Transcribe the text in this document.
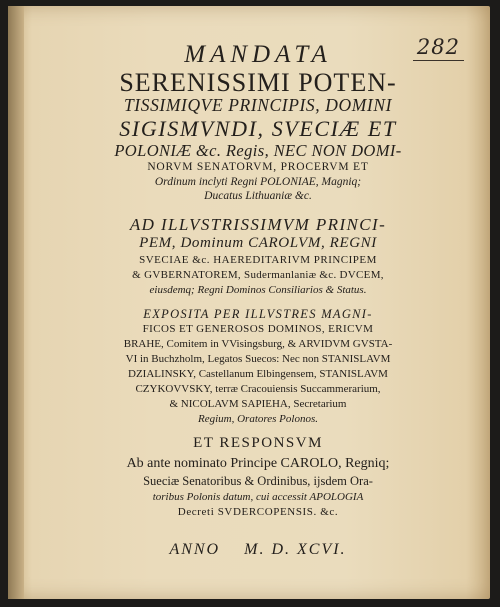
282
MANDATA
SERENISSIMI POTEN-
TISSIMIQVE PRINCIPIS, DOMINI
SIGISMVNDI, SVECIÆ ET
POLONIÆ &c. Regis, NEC NON DOMI-
NORVM SENATORVM, PROCERVM ET
Ordinum inclyti Regni POLONIAE, Magniq;
Ducatus Lithuaniæ &c.
AD ILLVSTRISSIMVM PRINCI-
PEM, Dominum CAROLVM, REGNI
SVECIAE &c. HAEREDITARIVM PRINCIPEM
& GVBERNATOREM, Sudermanlaniæ &c. DVCEM,
eiusdemq; Regni Dominos Consiliarios & Status.
EXPOSITA PER ILLVSTRES MAGNI-
FICOS ET GENEROSOS DOMINOS, ERICVM
BRAHE, Comitem in VVisingsburg, & ARVIDVM GVSTA-
VI in Buchzholm, Legatos Suecos: Nec non STANISLAVM
DZIALINSKY, Castellanum Elbingensem, STANISLAVM
CZYKOVVSKY, terræ Cracouiensis Succammerarium,
& NICOLAVM SAPIEHA, Secretarium
Regium, Oratores Polonos.
ET RESPONSVM
Ab ante nominato Principe CAROLO, Regniq;
Sueciæ Senatoribus & Ordinibus, ijsdem Ora-
toribus Polonis datum, cui accessit APOLOGIA
Decreti SVDERCOPENSIS. &c.
ANNO    M. D. XCVI.
